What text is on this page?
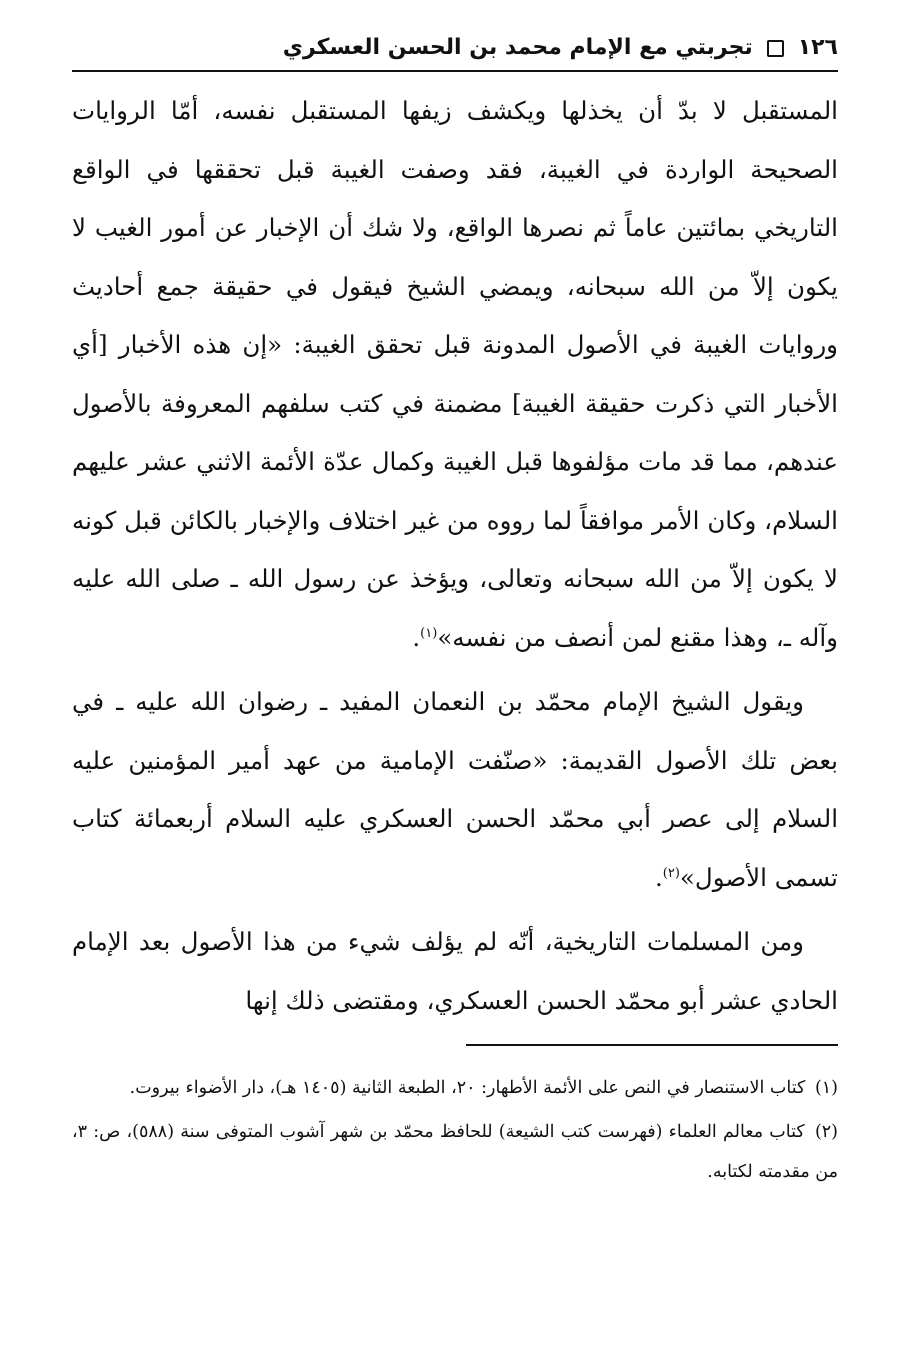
١٢٦
تجربتي مع الإمام محمد بن الحسن العسكري

المستقبل لا بدّ أن يخذلها ويكشف زيفها المستقبل نفسه، أمّا الروايات الصحيحة الواردة في الغيبة، فقد وصفت الغيبة قبل تحققها في الواقع التاريخي بمائتين عاماً ثم نصرها الواقع، ولا شك أن الإخبار عن أمور الغيب لا يكون إلاّ من الله سبحانه، ويمضي الشيخ فيقول في حقيقة جمع أحاديث وروايات الغيبة في الأصول المدونة قبل تحقق الغيبة: «إن هذه الأخبار [أي الأخبار التي ذكرت حقيقة الغيبة] مضمنة في كتب سلفهم المعروفة بالأصول عندهم، مما قد مات مؤلفوها قبل الغيبة وكمال عدّة الأئمة الاثني عشر عليهم السلام، وكان الأمر موافقاً لما رووه من غير اختلاف والإخبار بالكائن قبل كونه لا يكون إلاّ من الله سبحانه وتعالى، ويؤخذ عن رسول الله ـ صلى الله عليه وآله ـ، وهذا مقنع لمن أنصف من نفسه»$^{(١)}$.

ويقول الشيخ الإمام محمّد بن النعمان المفيد ـ رضوان الله عليه ـ في بعض تلك الأصول القديمة: «صنّفت الإمامية من عهد أمير المؤمنين عليه السلام إلى عصر أبي محمّد الحسن العسكري عليه السلام أربعمائة كتاب تسمى الأصول»$^{(٢)}$.

ومن المسلمات التاريخية، أنّه لم يؤلف شيء من هذا الأصول بعد الإمام الحادي عشر أبو محمّد الحسن العسكري، ومقتضى ذلك إنها

(١) كتاب الاستنصار في النص على الأئمة الأطهار: ٢٠، الطبعة الثانية (١٤٠٥ هـ)، دار الأضواء بيروت.

(٢) كتاب معالم العلماء (فهرست كتب الشيعة) للحافظ محمّد بن شهر آشوب المتوفى سنة (٥٨٨)، ص: ٣، من مقدمته لكتابه.
